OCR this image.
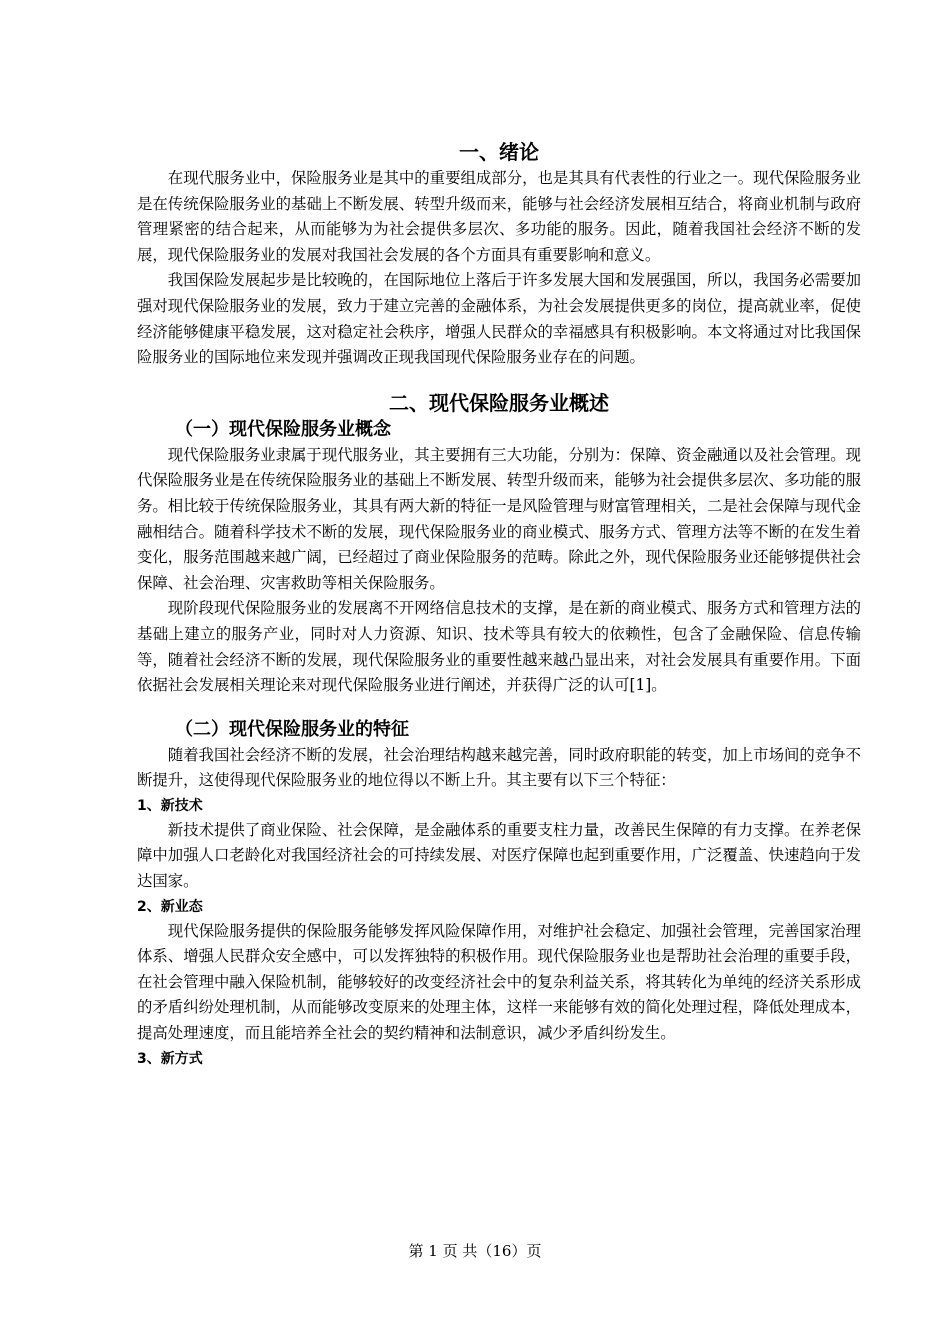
一、绪论

在现代服务业中，保险服务业是其中的重要组成部分，也是其具有代表性的行业之一。现代保险服务业是在传统保险服务业的基础上不断发展、转型升级而来，能够与社会经济发展相互结合，将商业机制与政府管理紧密的结合起来，从而能够为为社会提供多层次、多功能的服务。因此，随着我国社会经济不断的发展，现代保险服务业的发展对我国社会发展的各个方面具有重要影响和意义。

我国保险发展起步是比较晚的，在国际地位上落后于许多发展大国和发展强国，所以，我国务必需要加强对现代保险服务业的发展，致力于建立完善的金融体系，为社会发展提供更多的岗位，提高就业率，促使经济能够健康平稳发展，这对稳定社会秩序，增强人民群众的幸福感具有积极影响。本文将通过对比我国保险服务业的国际地位来发现并强调改正现我国现代保险服务业存在的问题。

二、现代保险服务业概述
（一）现代保险服务业概念

现代保险服务业隶属于现代服务业，其主要拥有三大功能，分别为：保障、资金融通以及社会管理。现代保险服务业是在传统保险服务业的基础上不断发展、转型升级而来，能够为社会提供多层次、多功能的服务。相比较于传统保险服务业，其具有两大新的特征一是风险管理与财富管理相关，二是社会保障与现代金融相结合。随着科学技术不断的发展，现代保险服务业的商业模式、服务方式、管理方法等不断的在发生着变化，服务范围越来越广阔，已经超过了商业保险服务的范畴。除此之外，现代保险服务业还能够提供社会保障、社会治理、灾害救助等相关保险服务。

现阶段现代保险服务业的发展离不开网络信息技术的支撑，是在新的商业模式、服务方式和管理方法的基础上建立的服务产业，同时对人力资源、知识、技术等具有较大的依赖性，包含了金融保险、信息传输等，随着社会经济不断的发展，现代保险服务业的重要性越来越凸显出来，对社会发展具有重要作用。下面依据社会发展相关理论来对现代保险服务业进行阐述，并获得广泛的认可[1]。

（二）现代保险服务业的特征

随着我国社会经济不断的发展，社会治理结构越来越完善，同时政府职能的转变，加上市场间的竞争不断提升，这使得现代保险服务业的地位得以不断上升。其主要有以下三个特征：

1、新技术

新技术提供了商业保险、社会保障，是金融体系的重要支柱力量，改善民生保障的有力支撑。在养老保障中加强人口老龄化对我国经济社会的可持续发展、对医疗保障也起到重要作用，广泛覆盖、快速趋向于发达国家。

2、新业态

现代保险服务提供的保险服务能够发挥风险保障作用，对维护社会稳定、加强社会管理，完善国家治理体系、增强人民群众安全感中，可以发挥独特的积极作用。现代保险服务业也是帮助社会治理的重要手段，在社会管理中融入保险机制，能够较好的改变经济社会中的复杂利益关系，将其转化为单纯的经济关系形成的矛盾纠纷处理机制，从而能够改变原来的处理主体，这样一来能够有效的简化处理过程，降低处理成本，提高处理速度，而且能培养全社会的契约精神和法制意识，减少矛盾纠纷发生。

3、新方式
第 1 页 共（16）页
